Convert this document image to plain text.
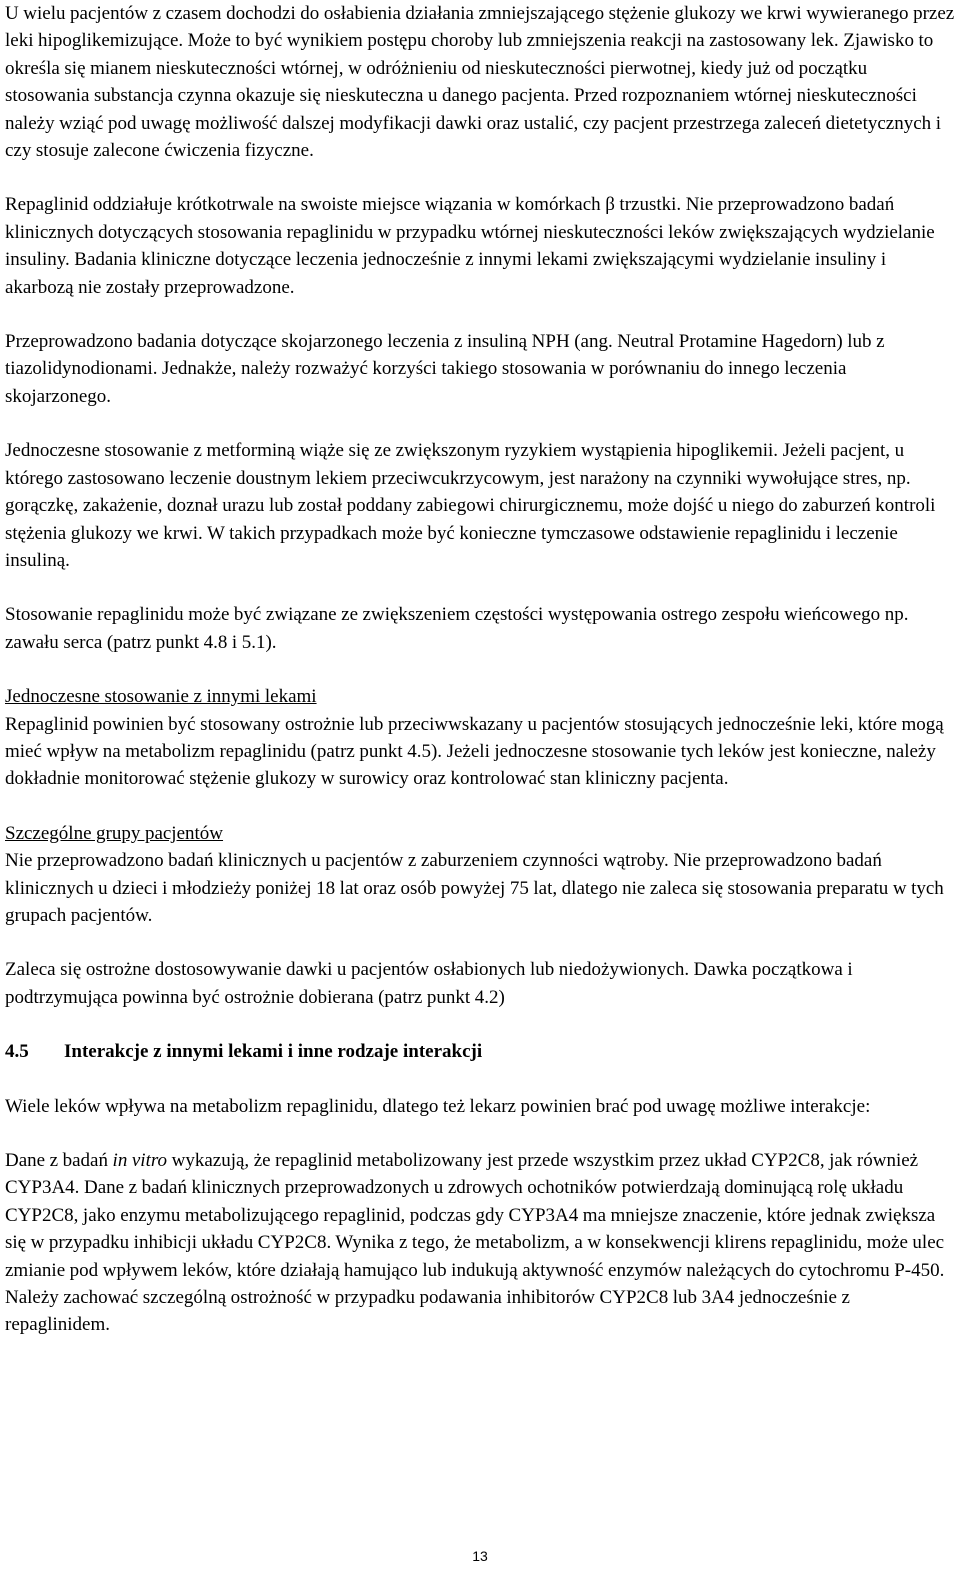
U wielu pacjentów z czasem dochodzi do osłabienia działania zmniejszającego stężenie glukozy we krwi wywieranego przez leki hipoglikemizujące. Może to być wynikiem postępu choroby lub zmniejszenia reakcji na zastosowany lek. Zjawisko to określa się mianem nieskuteczności wtórnej, w odróżnieniu od nieskuteczności pierwotnej, kiedy już od początku stosowania substancja czynna okazuje się nieskuteczna u danego pacjenta. Przed rozpoznaniem wtórnej nieskuteczności należy wziąć pod uwagę możliwość dalszej modyfikacji dawki oraz ustalić, czy pacjent przestrzega zaleceń dietetycznych i czy stosuje zalecone ćwiczenia fizyczne.

Repaglinid oddziałuje krótkotrwale na swoiste miejsce wiązania w komórkach β trzustki. Nie przeprowadzono badań klinicznych dotyczących stosowania repaglinidu w przypadku wtórnej nieskuteczności leków zwiększających wydzielanie insuliny. Badania kliniczne dotyczące leczenia jednocześnie z innymi lekami zwiększającymi wydzielanie insuliny i akarbozą nie zostały przeprowadzone.

Przeprowadzono badania dotyczące skojarzonego leczenia z insuliną NPH (ang. Neutral Protamine Hagedorn) lub z tiazolidynodionami. Jednakże, należy rozważyć korzyści takiego stosowania w porównaniu do innego leczenia skojarzonego.

Jednoczesne stosowanie z metforminą wiąże się ze zwiększonym ryzykiem wystąpienia hipoglikemii. Jeżeli pacjent, u którego zastosowano leczenie doustnym lekiem przeciwcukrzycowym, jest narażony na czynniki wywołujące stres, np. gorączkę, zakażenie, doznał urazu lub został poddany zabiegowi chirurgicznemu, może dojść u niego do zaburzeń kontroli stężenia glukozy we krwi. W takich przypadkach może być konieczne tymczasowe odstawienie repaglinidu i leczenie insuliną.

Stosowanie repaglinidu może być związane ze zwiększeniem częstości występowania ostrego zespołu wieńcowego np. zawału serca (patrz punkt 4.8 i 5.1).

Jednoczesne stosowanie z innymi lekami
Repaglinid powinien być stosowany ostrożnie lub przeciwwskazany u pacjentów stosujących jednocześnie leki, które mogą mieć wpływ na metabolizm repaglinidu (patrz punkt 4.5). Jeżeli jednoczesne stosowanie tych leków jest konieczne, należy dokładnie monitorować stężenie glukozy w surowicy oraz kontrolować stan kliniczny pacjenta.
Szczególne grupy pacjentów
Nie przeprowadzono badań klinicznych u pacjentów z zaburzeniem czynności wątroby. Nie przeprowadzono badań klinicznych u dzieci i młodzieży poniżej 18 lat oraz osób powyżej 75 lat, dlatego nie zaleca się stosowania preparatu w tych grupach pacjentów.

Zaleca się ostrożne dostosowywanie dawki u pacjentów osłabionych lub niedożywionych. Dawka początkowa i podtrzymująca powinna być ostrożnie dobierana (patrz punkt 4.2)

4.5 Interakcje z innymi lekami i inne rodzaje interakcji

Wiele leków wpływa na metabolizm repaglinidu, dlatego też lekarz powinien brać pod uwagę możliwe interakcje:

Dane z badań in vitro wykazują, że repaglinid metabolizowany jest przede wszystkim przez układ CYP2C8, jak również CYP3A4. Dane z badań klinicznych przeprowadzonych u zdrowych ochotników potwierdzają dominującą rolę układu CYP2C8, jako enzymu metabolizującego repaglinid, podczas gdy CYP3A4 ma mniejsze znaczenie, które jednak zwiększa się w przypadku inhibicji układu CYP2C8. Wynika z tego, że metabolizm, a w konsekwencji klirens repaglinidu, może ulec zmianie pod wpływem leków, które działają hamująco lub indukują aktywność enzymów należących do cytochromu P-450. Należy zachować szczególną ostrożność w przypadku podawania inhibitorów CYP2C8 lub 3A4 jednocześnie z repaglinidem.

13
